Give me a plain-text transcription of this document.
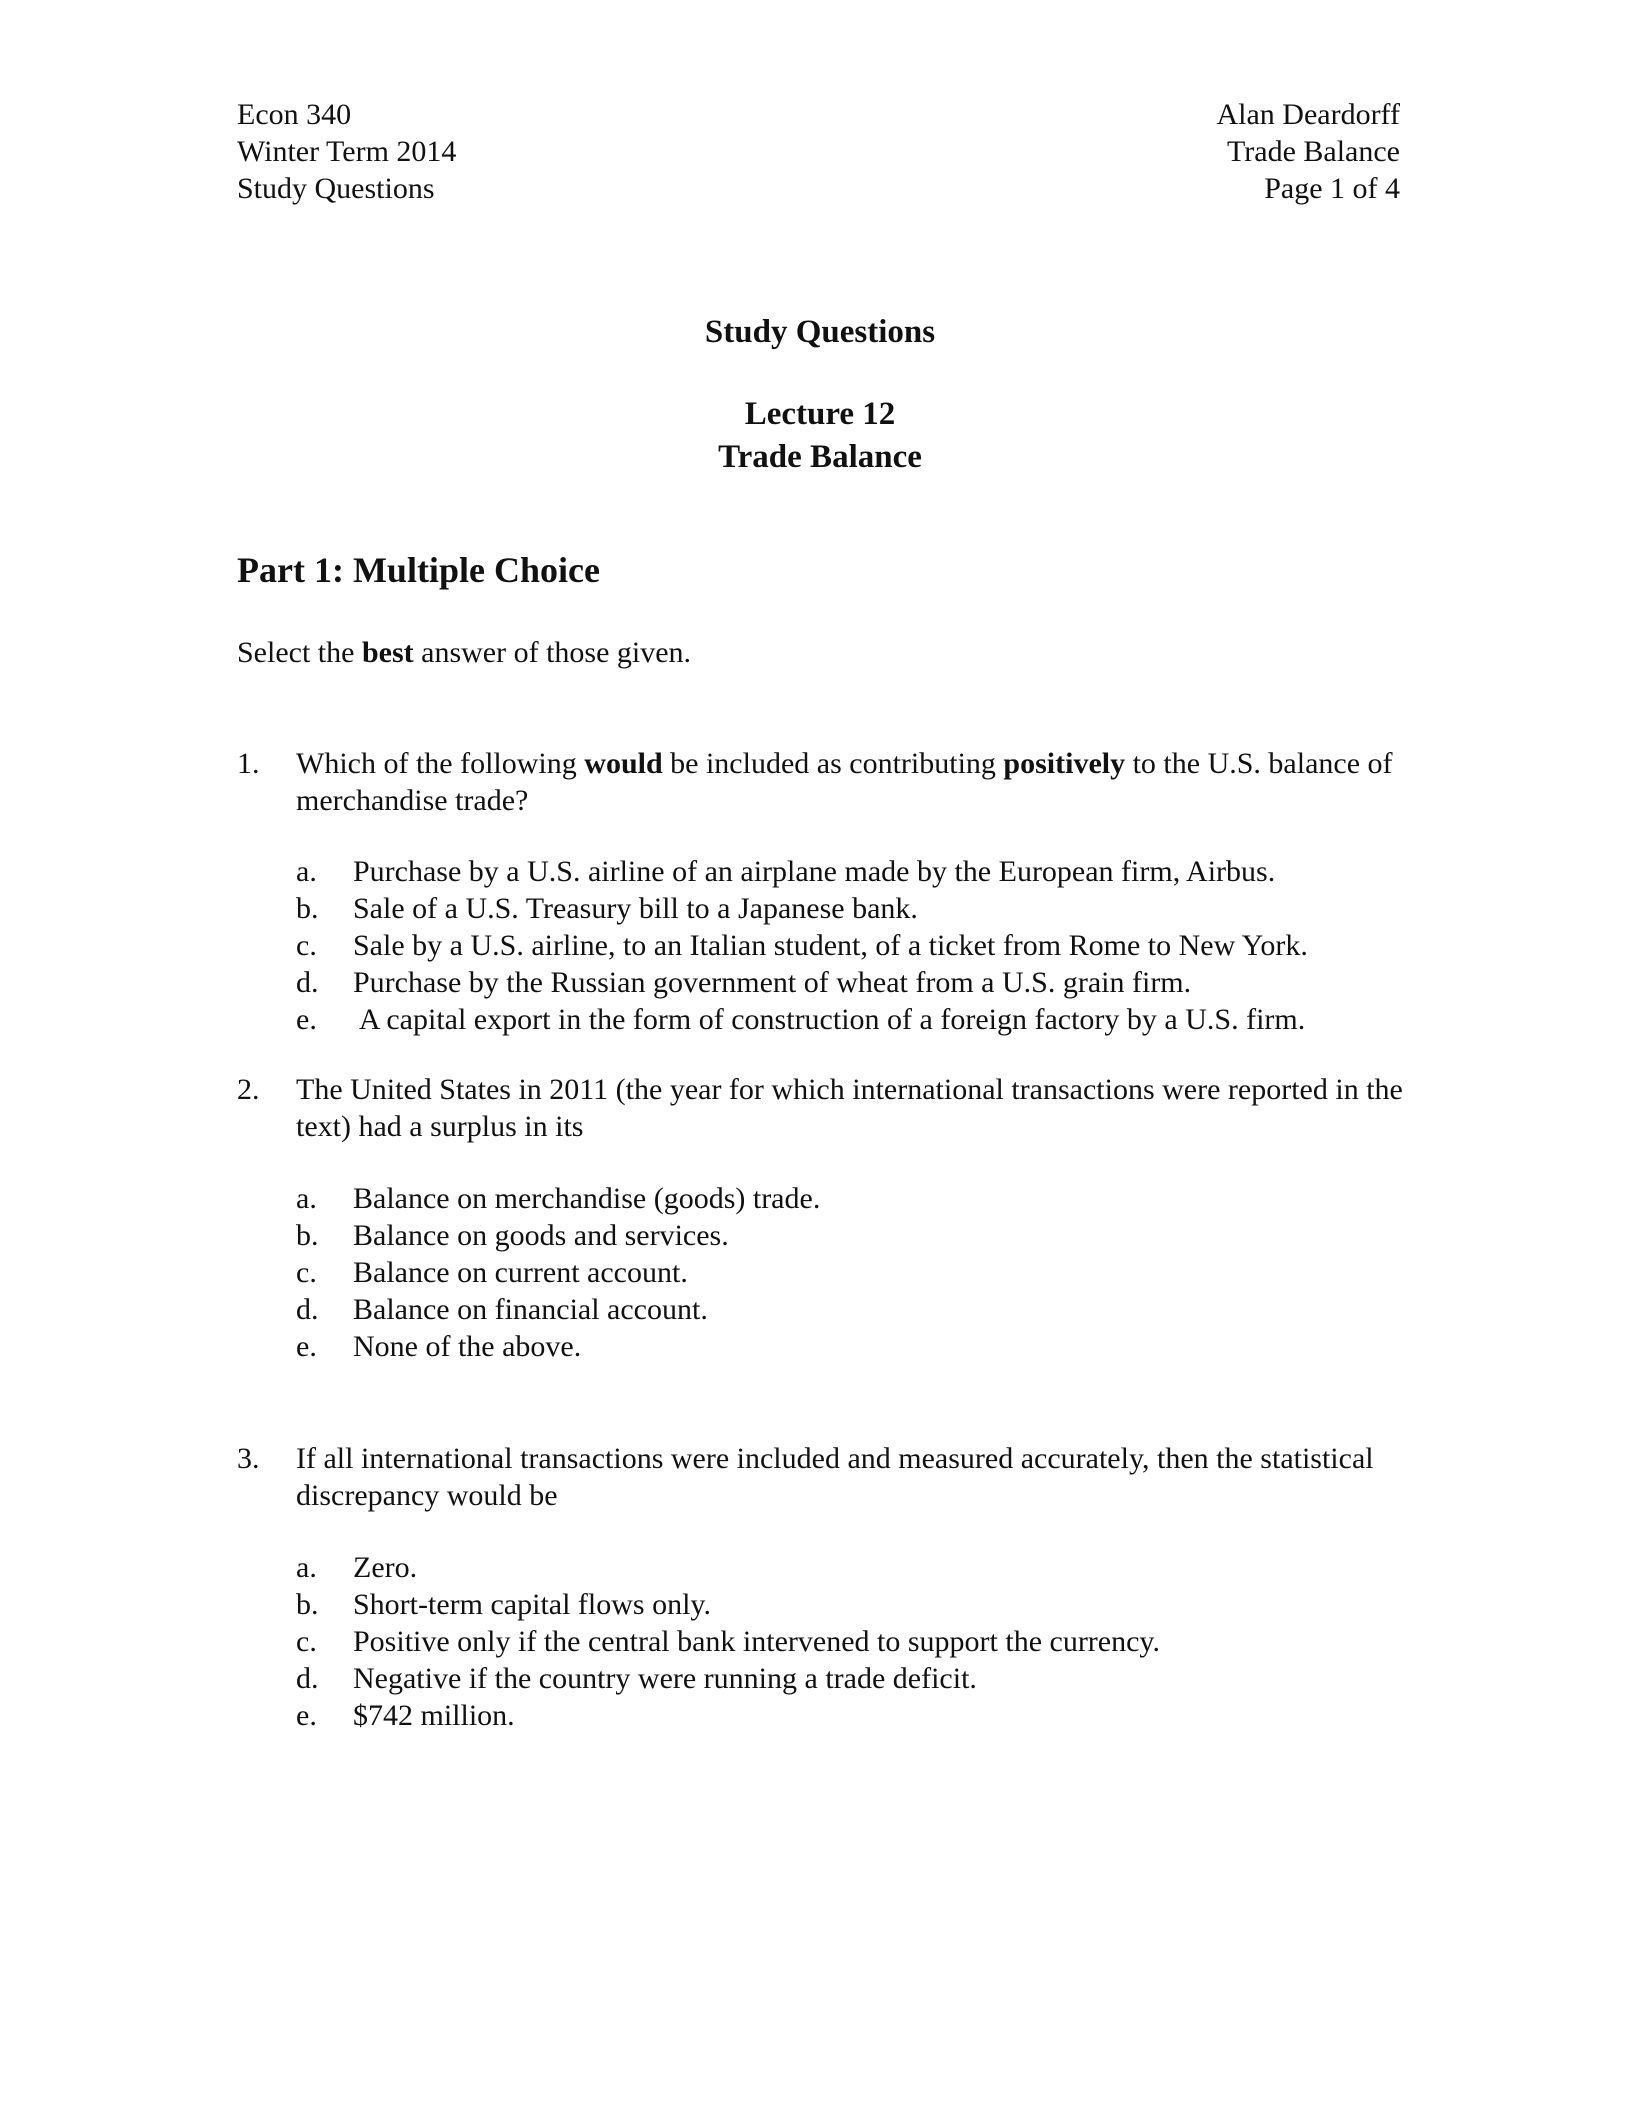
Econ 340
Winter Term 2014
Study Questions
Alan Deardorff
Trade Balance
Page 1 of 4
Study Questions
Lecture 12
Trade Balance
Part 1: Multiple Choice
Select the best answer of those given.
1. Which of the following would be included as contributing positively to the U.S. balance of merchandise trade?
a. Purchase by a U.S. airline of an airplane made by the European firm, Airbus.
b. Sale of a U.S. Treasury bill to a Japanese bank.
c. Sale by a U.S. airline, to an Italian student, of a ticket from Rome to New York.
d. Purchase by the Russian government of wheat from a U.S. grain firm.
e. A capital export in the form of construction of a foreign factory by a U.S. firm.
2. The United States in 2011 (the year for which international transactions were reported in the text) had a surplus in its
a. Balance on merchandise (goods) trade.
b. Balance on goods and services.
c. Balance on current account.
d. Balance on financial account.
e. None of the above.
3. If all international transactions were included and measured accurately, then the statistical discrepancy would be
a. Zero.
b. Short-term capital flows only.
c. Positive only if the central bank intervened to support the currency.
d. Negative if the country were running a trade deficit.
e. $742 million.
